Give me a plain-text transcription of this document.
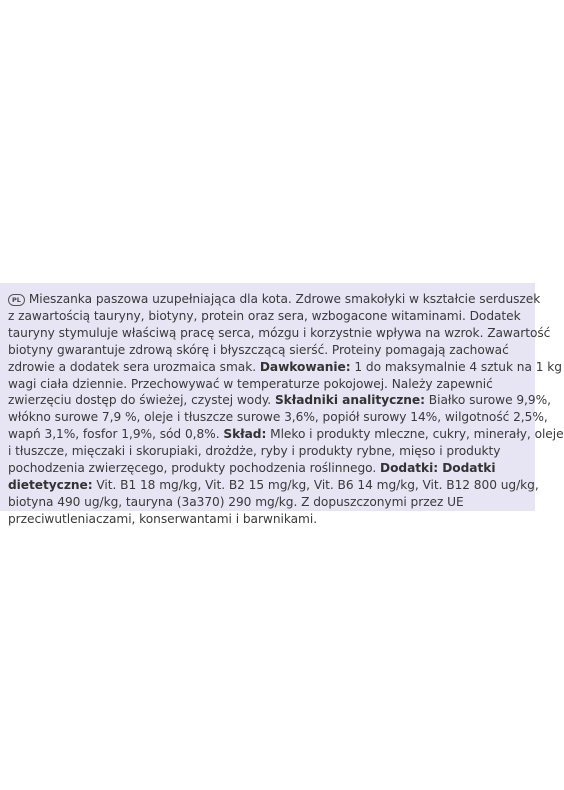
PL Mieszanka paszowa uzupełniająca dla kota. Zdrowe smakołyki w kształcie serduszek
z zawartością tauryny, biotyny, protein oraz sera, wzbogacone witaminami. Dodatek
tauryny stymuluje właściwą pracę serca, mózgu i korzystnie wpływa na wzrok. Zawartość
biotyny gwarantuje zdrową skórę i błyszczącą sierść. Proteiny pomagają zachować
zdrowie a dodatek sera urozmaica smak. Dawkowanie: 1 do maksymalnie 4 sztuk na 1 kg
wagi ciała dziennie. Przechowywać w temperaturze pokojowej. Należy zapewnić
zwierzęciu dostęp do świeżej, czystej wody. Składniki analityczne: Białko surowe 9,9%,
włókno surowe 7,9 %, oleje i tłuszcze surowe 3,6%, popiół surowy 14%, wilgotność 2,5%,
wapń 3,1%, fosfor 1,9%, sód 0,8%. Skład: Mleko i produkty mleczne, cukry, minerały, oleje
i tłuszcze, mięczaki i skorupiaki, drożdże, ryby i produkty rybne, mięso i produkty
pochodzenia zwierzęcego, produkty pochodzenia roślinnego. Dodatki: Dodatki
dietetyczne: Vit. B1 18 mg/kg, Vit. B2 15 mg/kg, Vit. B6 14 mg/kg, Vit. B12 800 ug/kg,
biotyna 490 ug/kg, tauryna (3a370) 290 mg/kg. Z dopuszczonymi przez UE
przeciwutleniaczami, konserwantami i barwnikami.
